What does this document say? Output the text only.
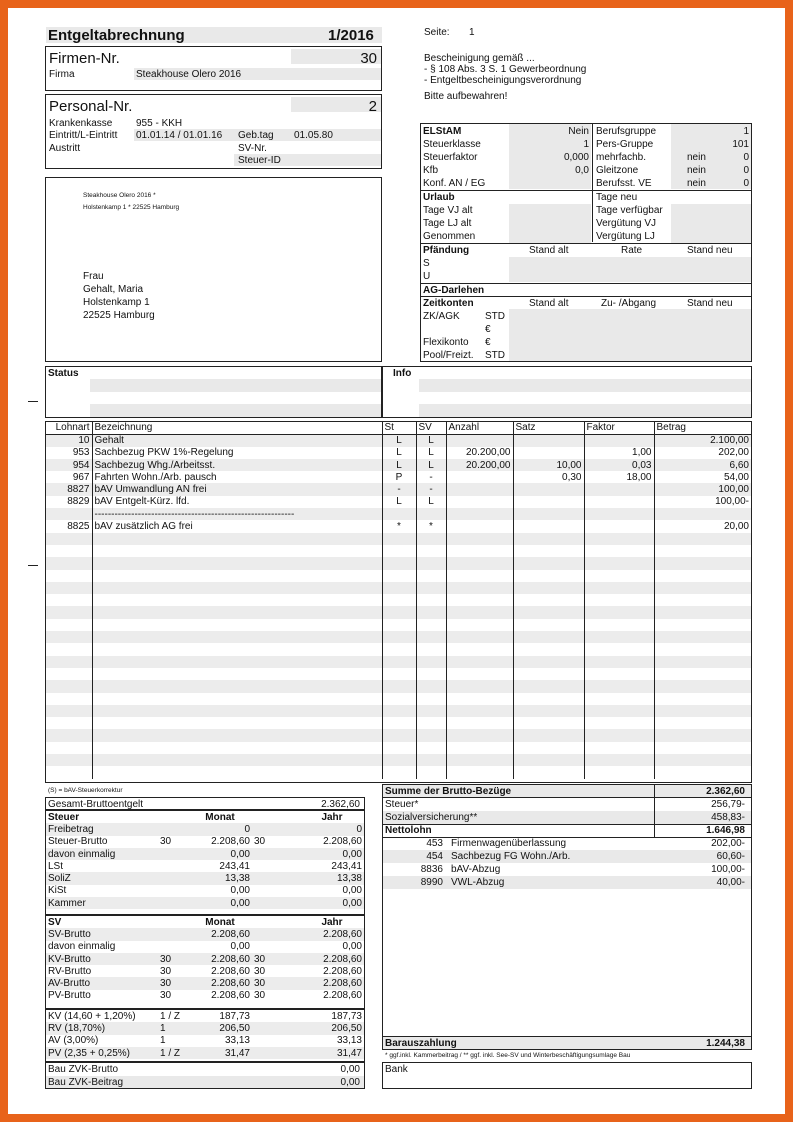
Entgeltabrechnung	1/2016	Seite: 1
Bescheinigung gemäß ...
- § 108 Abs. 3 S. 1 Gewerbeordnung
- Entgeltbescheinigungsverordnung
Bitte aufbewahren!
Firmen-Nr.	30
Firma	Steakhouse Olero 2016
Personal-Nr.	2
Krankenkasse 955 - KKH
Eintritt/L-Eintritt 01.01.14 / 01.01.16 Geb.tag 01.05.80
Austritt	SV-Nr.
Steuer-ID
Steakhouse Olero 2016 *
Holstenkamp 1 * 22525 Hamburg
Frau
Gehalt, Maria
Holstenkamp 1
22525 Hamburg
ELStAM	Nein Berufsgruppe	1
Steuerklasse	1 Pers-Gruppe	101
Steuerfaktor	0,000 mehrfachb.	nein	0
Kfb	0,0 Gleitzone	nein	0
Konf. AN / EG	Berufsst. VE	nein	0
Urlaub	Tage neu
Tage VJ alt	Tage verfügbar
Tage LJ alt	Vergütung VJ
Genommen	Vergütung LJ
Pfändung	Stand alt	Rate	Stand neu
S
U
AG-Darlehen
Zeitkonten	Stand alt	Zu- /Abgang	Stand neu
ZK/AGK	STD
€
Flexikonto €
Pool/Freizt. STD
Status	Info
Lohnart	Bezeichnung	St	SV	Anzahl	Satz	Faktor	Betrag
10	Gehalt	L	L				2.100,00
953	Sachbezug PKW 1%-Regelung	L	L	20.200,00		1,00	202,00
954	Sachbezug Whg./Arbeitsst.	L	L	20.200,00	10,00	0,03	6,60
967	Fahrten Wohn./Arb. pausch	P	-		0,30	18,00	54,00
8827	bAV Umwandlung AN frei	-	-				100,00
8829	bAV Entgelt-Kürz. lfd.	L	L				100,00-
	------------------------------------------------------------						
8825	bAV zusätzlich AG frei	*	*				20,00

(S) = bAV-Steuerkorrektur
Gesamt-Bruttoentgelt	2.362,60
Steuer		Monat		Jahr
Freibetrag		0		0
Steuer-Brutto	30	2.208,60	30	2.208,60
davon einmalig		0,00		0,00
LSt		243,41		243,41
SoliZ		13,38		13,38
KiSt		0,00		0,00
Kammer		0,00		0,00
SV		Monat		Jahr
SV-Brutto		2.208,60		2.208,60
davon einmalig		0,00		0,00
KV-Brutto	30	2.208,60	30	2.208,60
RV-Brutto	30	2.208,60	30	2.208,60
AV-Brutto	30	2.208,60	30	2.208,60
PV-Brutto	30	2.208,60	30	2.208,60
KV (14,60 + 1,20%)	1 / Z	187,73		187,73
RV (18,70%)	1	206,50		206,50
AV (3,00%)	1	33,13		33,13
PV (2,35 + 0,25%)	1 / Z	31,47		31,47
Bau ZVK-Brutto	0,00
Bau ZVK-Beitrag	0,00
Summe der Brutto-Bezüge	2.362,60
Steuer*	256,79-
Sozialversicherung**	458,83-
Nettolohn	1.646,98
453 Firmenwagenüberlassung	202,00-
454 Sachbezug FG Wohn./Arb.	60,60-
8836 bAV-Abzug	100,00-
8990 VWL-Abzug	40,00-
Barauszahlung	1.244,38
* ggf.inkl. Kammerbeitrag / ** ggf. inkl. See-SV und Winterbeschäftigungsumlage Bau
Bank
